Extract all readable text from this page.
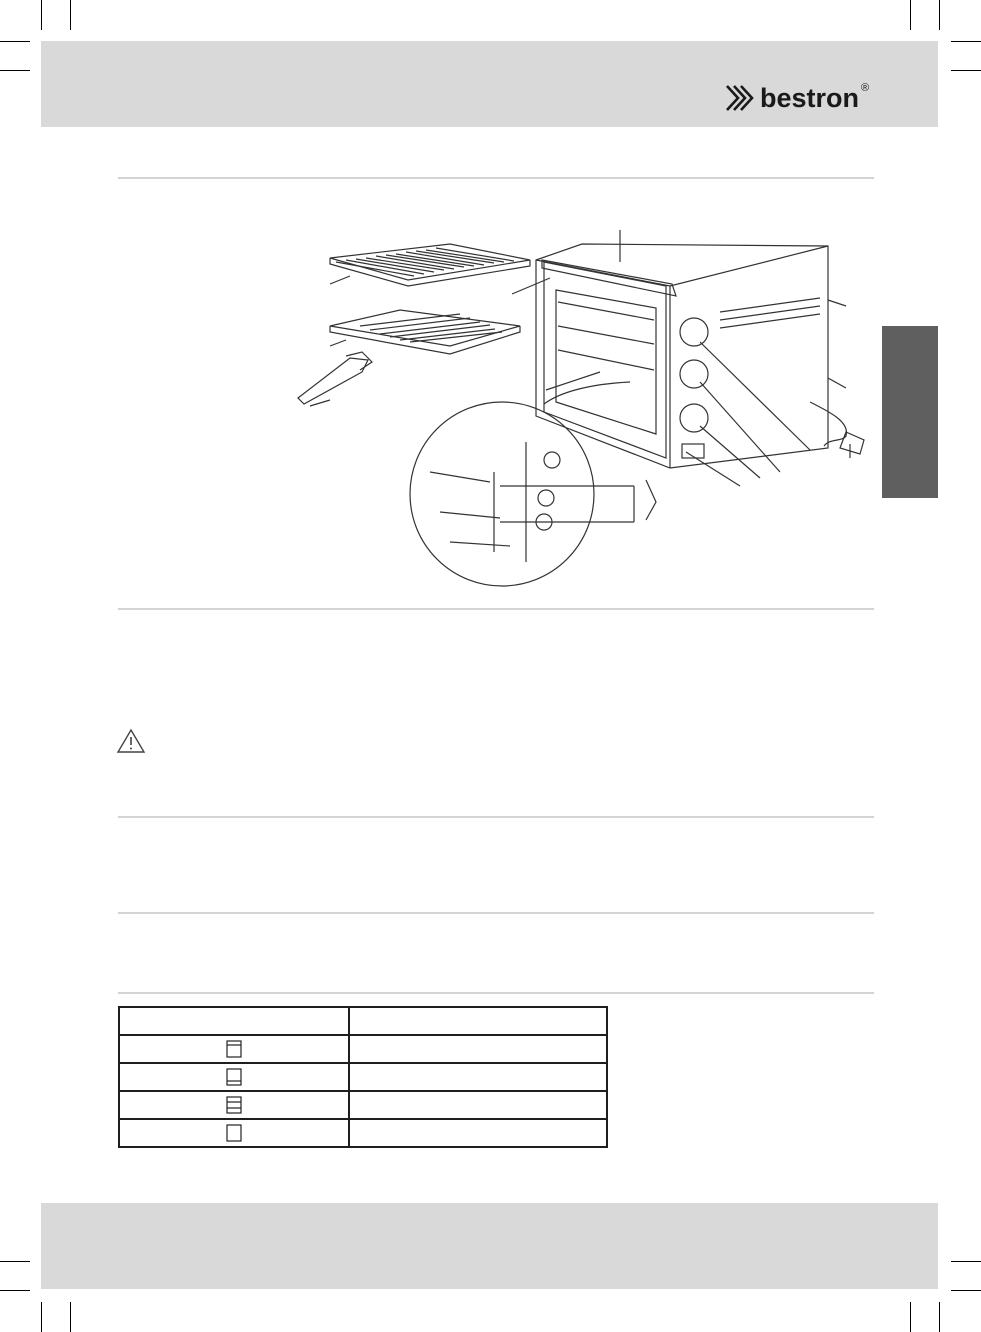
bestron ®
